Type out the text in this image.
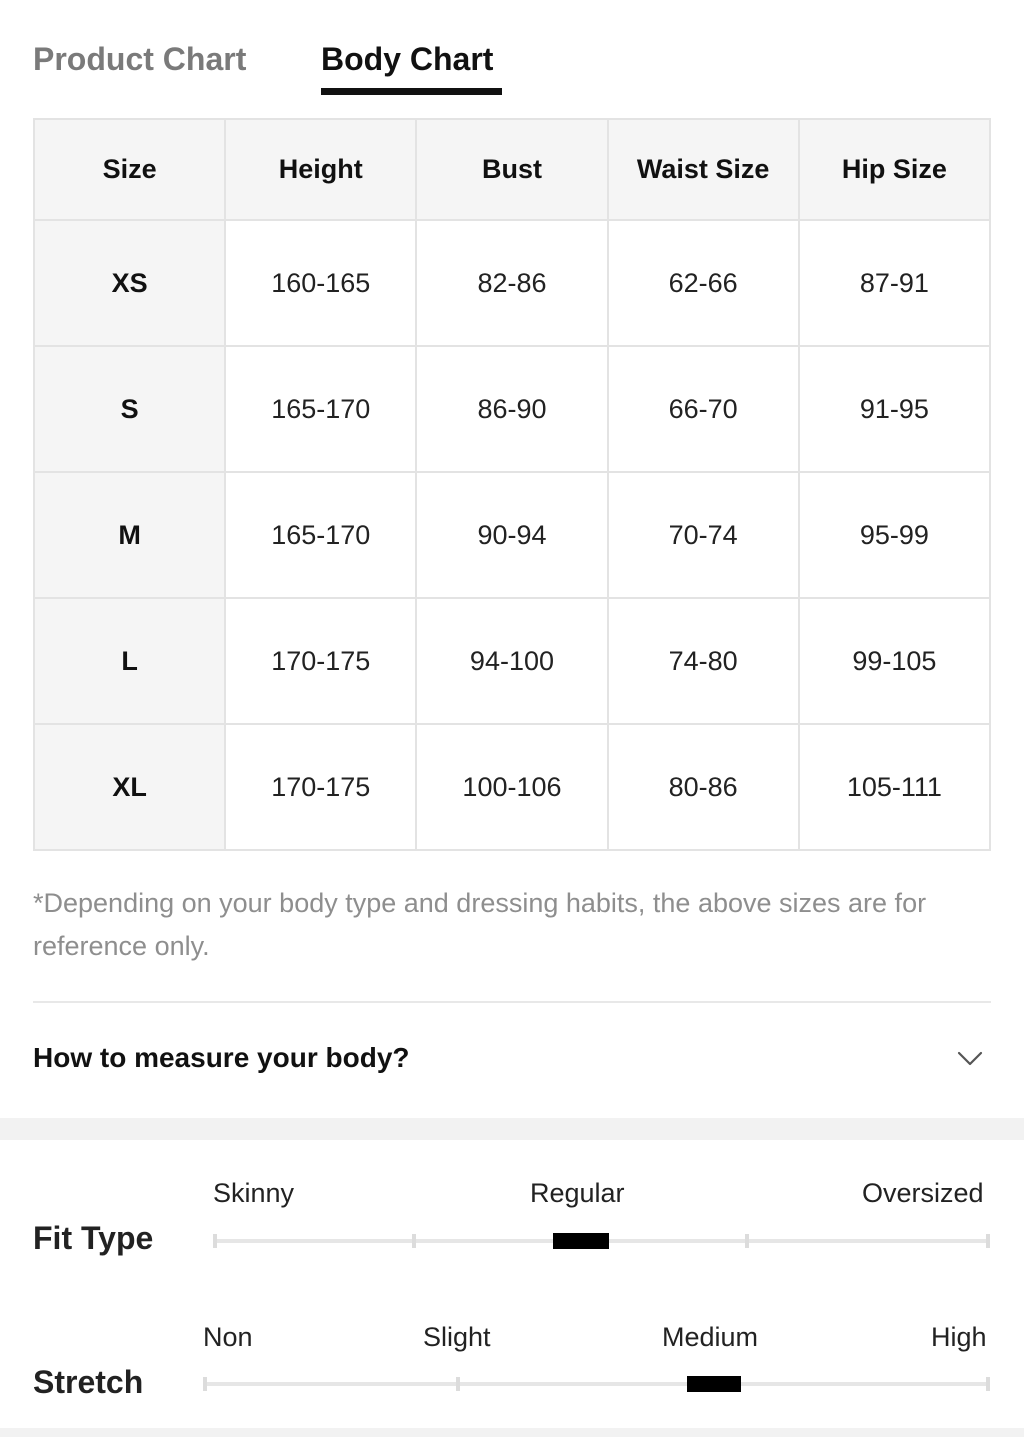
Product Chart Body Chart
Size	Height	Bust	Waist Size	Hip Size
XS	160-165	82-86	62-66	87-91
S	165-170	86-90	66-70	91-95
M	165-170	90-94	70-74	95-99
L	170-175	94-100	74-80	99-105
XL	170-175	100-106	80-86	105-111
*Depending on your body type and dressing habits, the above sizes are for reference only.
How to measure your body?
Fit Type
Skinny	Regular	Oversized
Stretch
Non	Slight	Medium	High
